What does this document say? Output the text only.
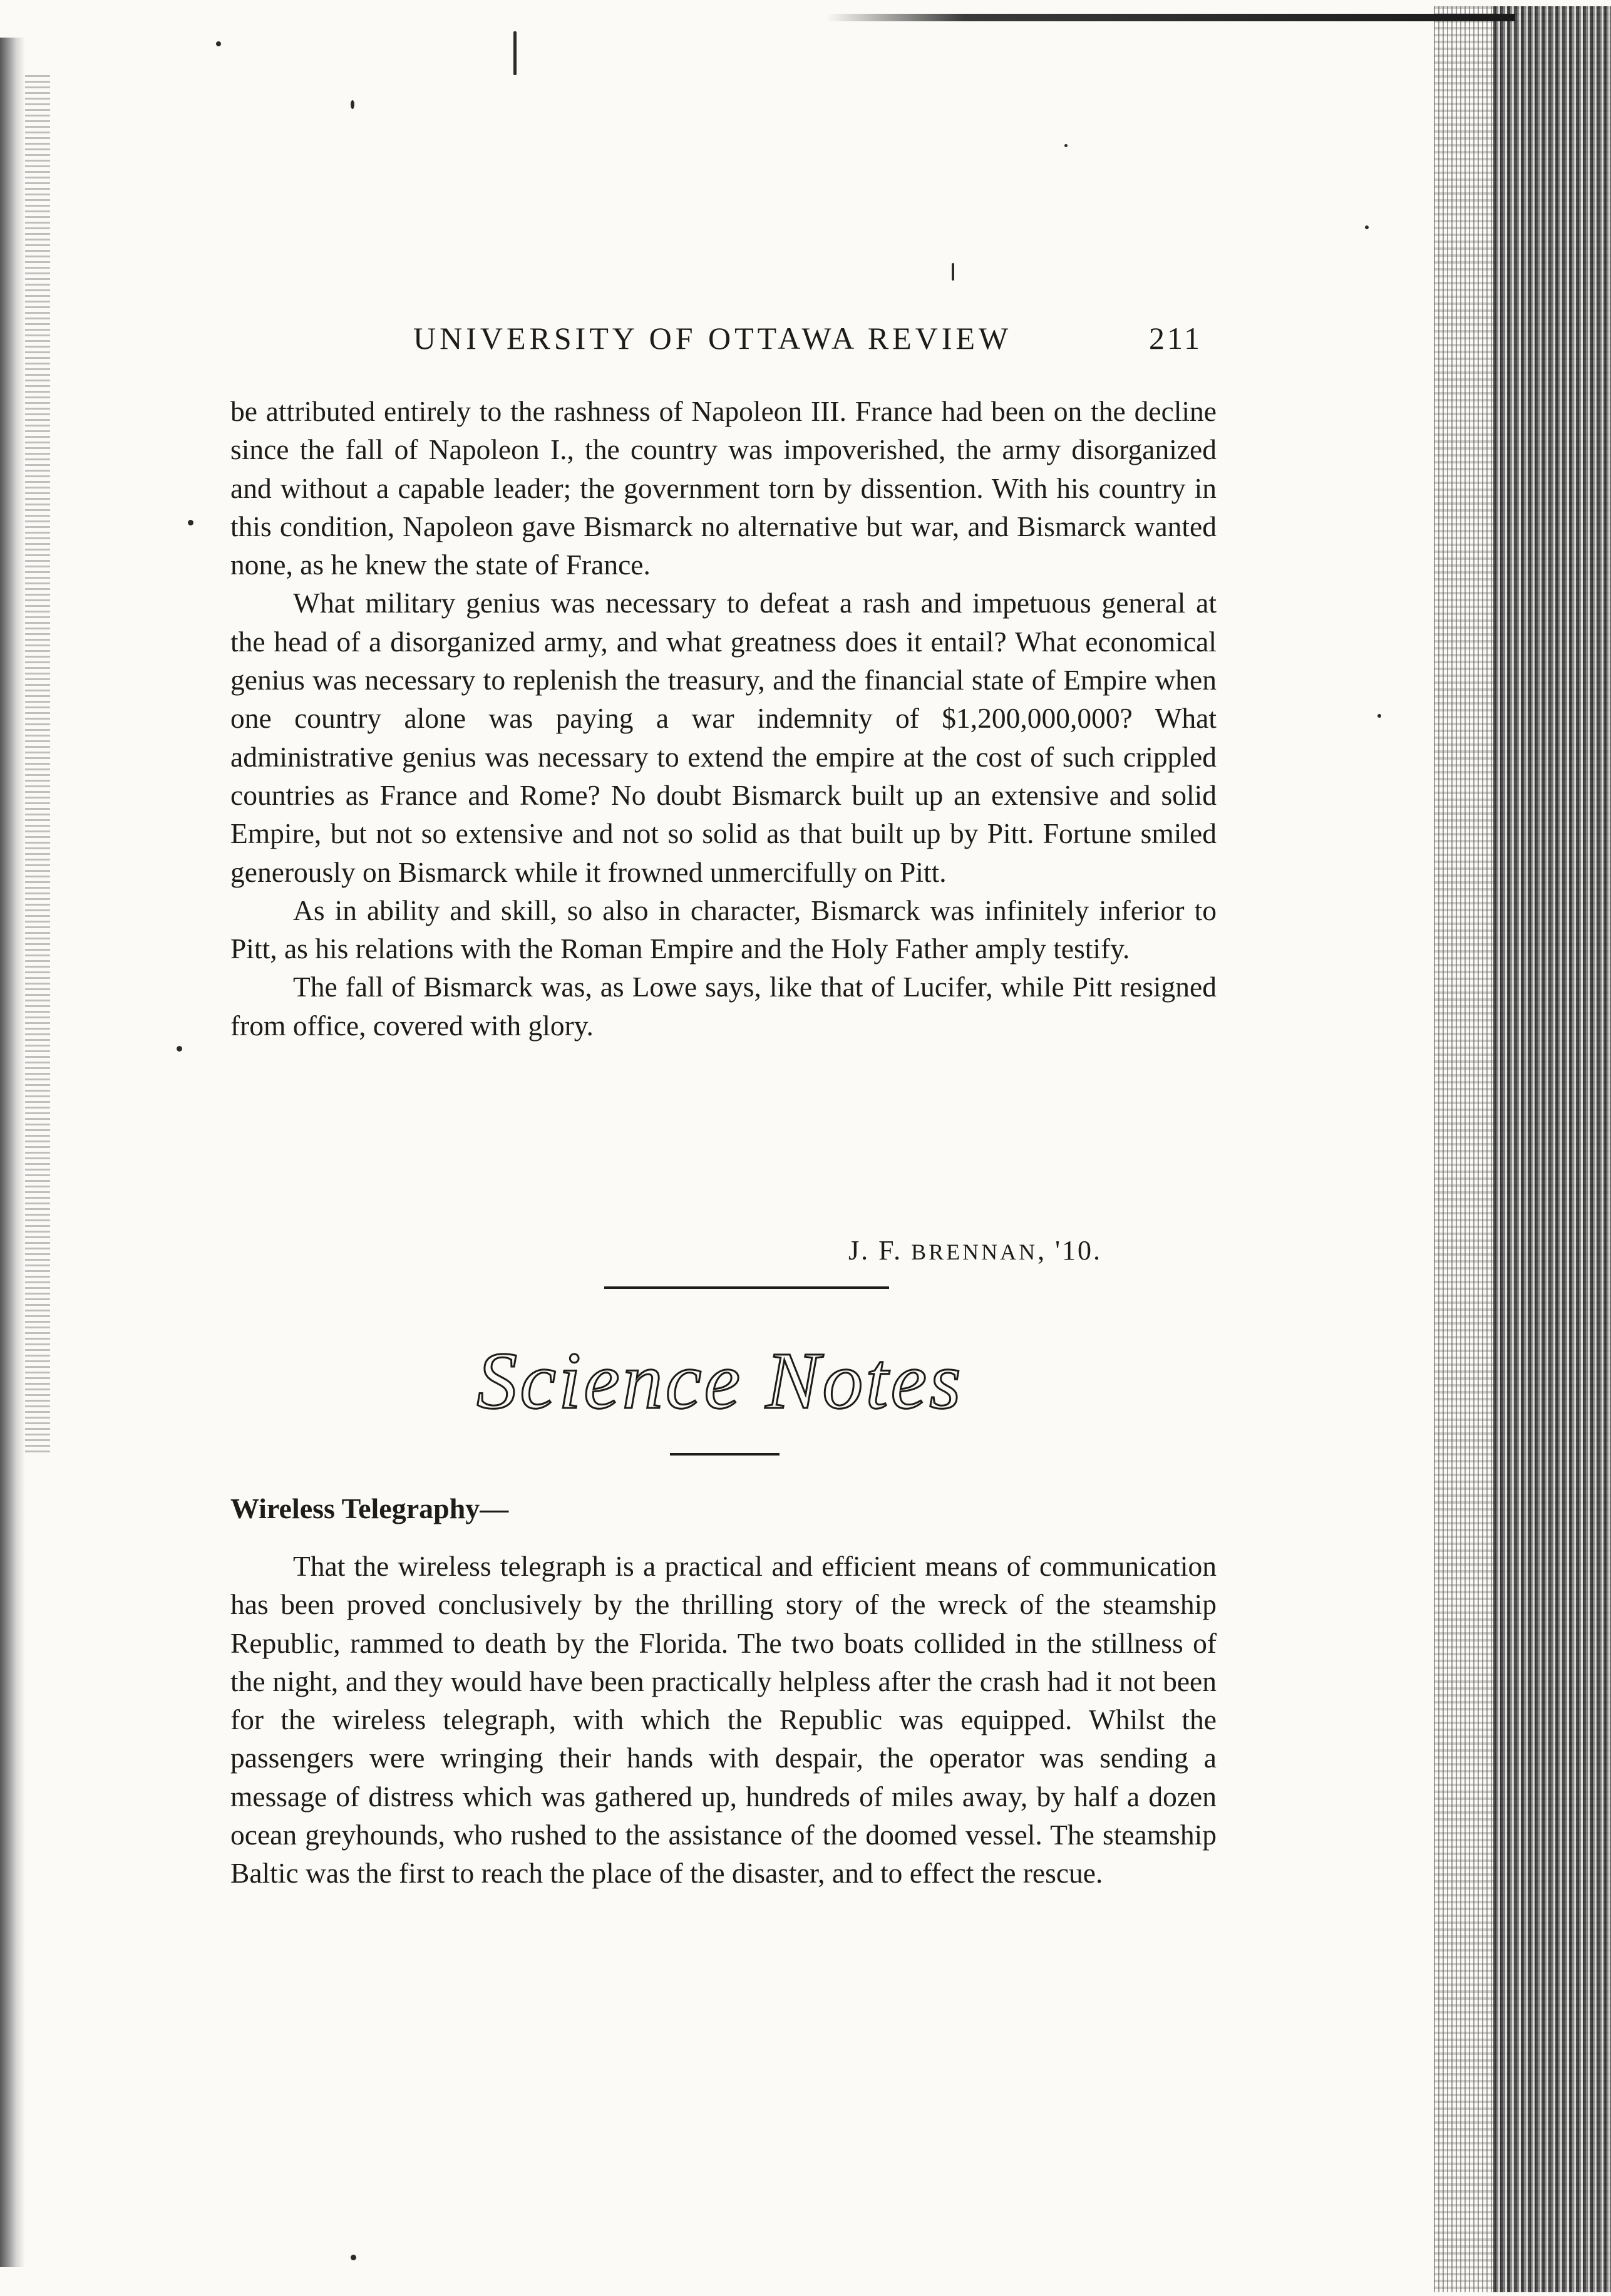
UNIVERSITY OF OTTAWA REVIEW	211

be attributed entirely to the rashness of Napoleon III. France had been on the decline since the fall of Napoleon I., the country was impoverished, the army disorganized and without a capable leader; the government torn by dissention. With his country in this condition, Napoleon gave Bismarck no alternative but war, and Bismarck wanted none, as he knew the state of France.

What military genius was necessary to defeat a rash and impetuous general at the head of a disorganized army, and what greatness does it entail? What economical genius was necessary to replenish the treasury, and the financial state of Empire when one country alone was paying a war indemnity of $1,200,000,000? What administrative genius was necessary to extend the empire at the cost of such crippled countries as France and Rome? No doubt Bismarck built up an extensive and solid Empire, but not so extensive and not so solid as that built up by Pitt. Fortune smiled generously on Bismarck while it frowned unmercifully on Pitt.

As in ability and skill, so also in character, Bismarck was infinitely inferior to Pitt, as his relations with the Roman Empire and the Holy Father amply testify.

The fall of Bismarck was, as Lowe says, like that of Lucifer, while Pitt resigned from office, covered with glory.

J. F. BRENNAN, '10.
Science Notes
Wireless Telegraphy—

That the wireless telegraph is a practical and efficient means of communication has been proved conclusively by the thrilling story of the wreck of the steamship Republic, rammed to death by the Florida. The two boats collided in the stillness of the night, and they would have been practically helpless after the crash had it not been for the wireless telegraph, with which the Republic was equipped. Whilst the passengers were wringing their hands with despair, the operator was sending a message of distress which was gathered up, hundreds of miles away, by half a dozen ocean greyhounds, who rushed to the assistance of the doomed vessel. The steamship Baltic was the first to reach the place of the disaster, and to effect the rescue.
